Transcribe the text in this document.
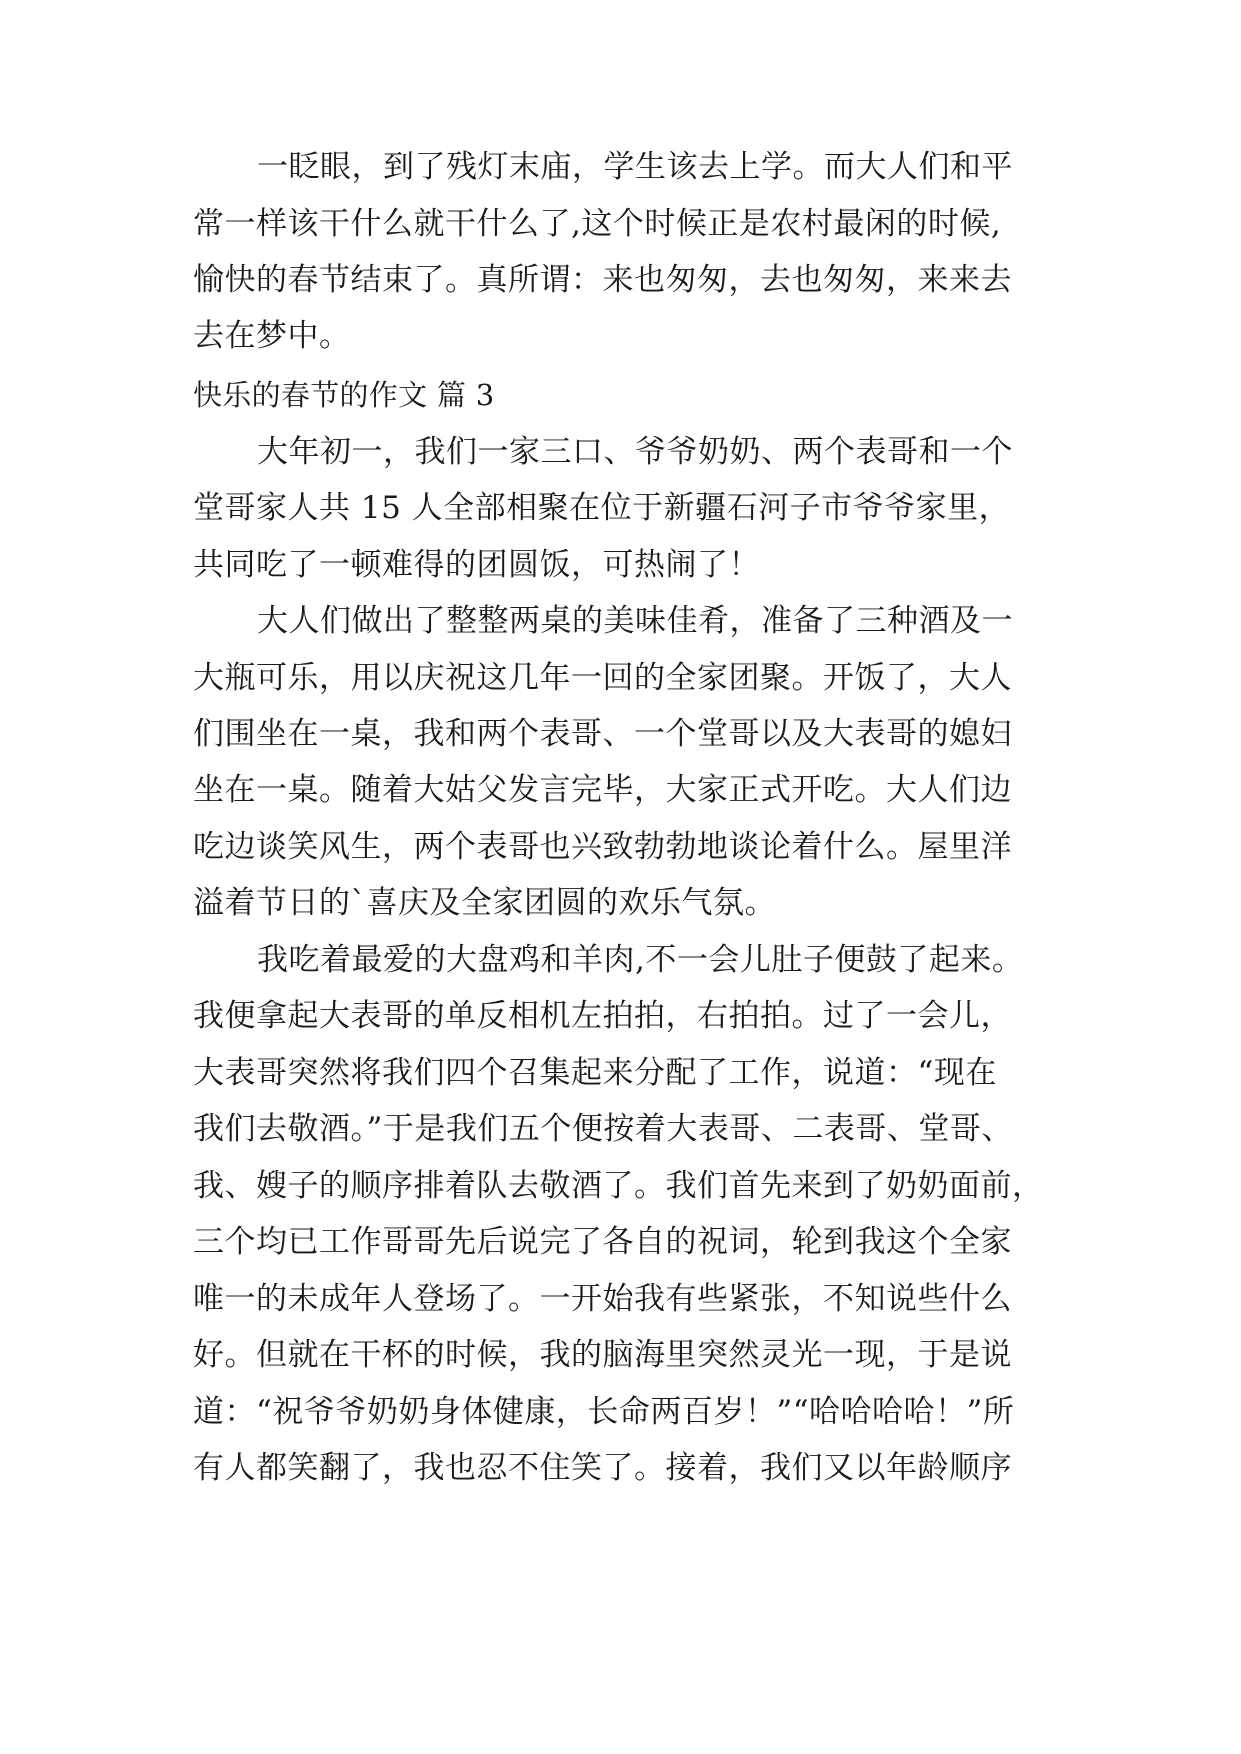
一眨眼，到了残灯末庙，学生该去上学。而大人们和平
常一样该干什么就干什么了,这个时候正是农村最闲的时候,
愉快的春节结束了。真所谓：来也匆匆，去也匆匆，来来去
去在梦中。
快乐的春节的作文 篇 3
大年初一，我们一家三口、爷爷奶奶、两个表哥和一个
堂哥家人共 15 人全部相聚在位于新疆石河子市爷爷家里，
共同吃了一顿难得的团圆饭，可热闹了！
大人们做出了整整两桌的美味佳肴，准备了三种酒及一
大瓶可乐，用以庆祝这几年一回的全家团聚。开饭了，大人
们围坐在一桌，我和两个表哥、一个堂哥以及大表哥的媳妇
坐在一桌。随着大姑父发言完毕，大家正式开吃。大人们边
吃边谈笑风生，两个表哥也兴致勃勃地谈论着什么。屋里洋
溢着节日的`喜庆及全家团圆的欢乐气氛。
我吃着最爱的大盘鸡和羊肉,不一会儿肚子便鼓了起来。
我便拿起大表哥的单反相机左拍拍，右拍拍。过了一会儿，
大表哥突然将我们四个召集起来分配了工作，说道：“现在
我们去敬酒。”于是我们五个便按着大表哥、二表哥、堂哥、
我、嫂子的顺序排着队去敬酒了。我们首先来到了奶奶面前，
三个均已工作哥哥先后说完了各自的祝词，轮到我这个全家
唯一的未成年人登场了。一开始我有些紧张，不知说些什么
好。但就在干杯的时候，我的脑海里突然灵光一现，于是说
道：“祝爷爷奶奶身体健康，长命两百岁！”“哈哈哈哈！”所
有人都笑翻了，我也忍不住笑了。接着，我们又以年龄顺序
